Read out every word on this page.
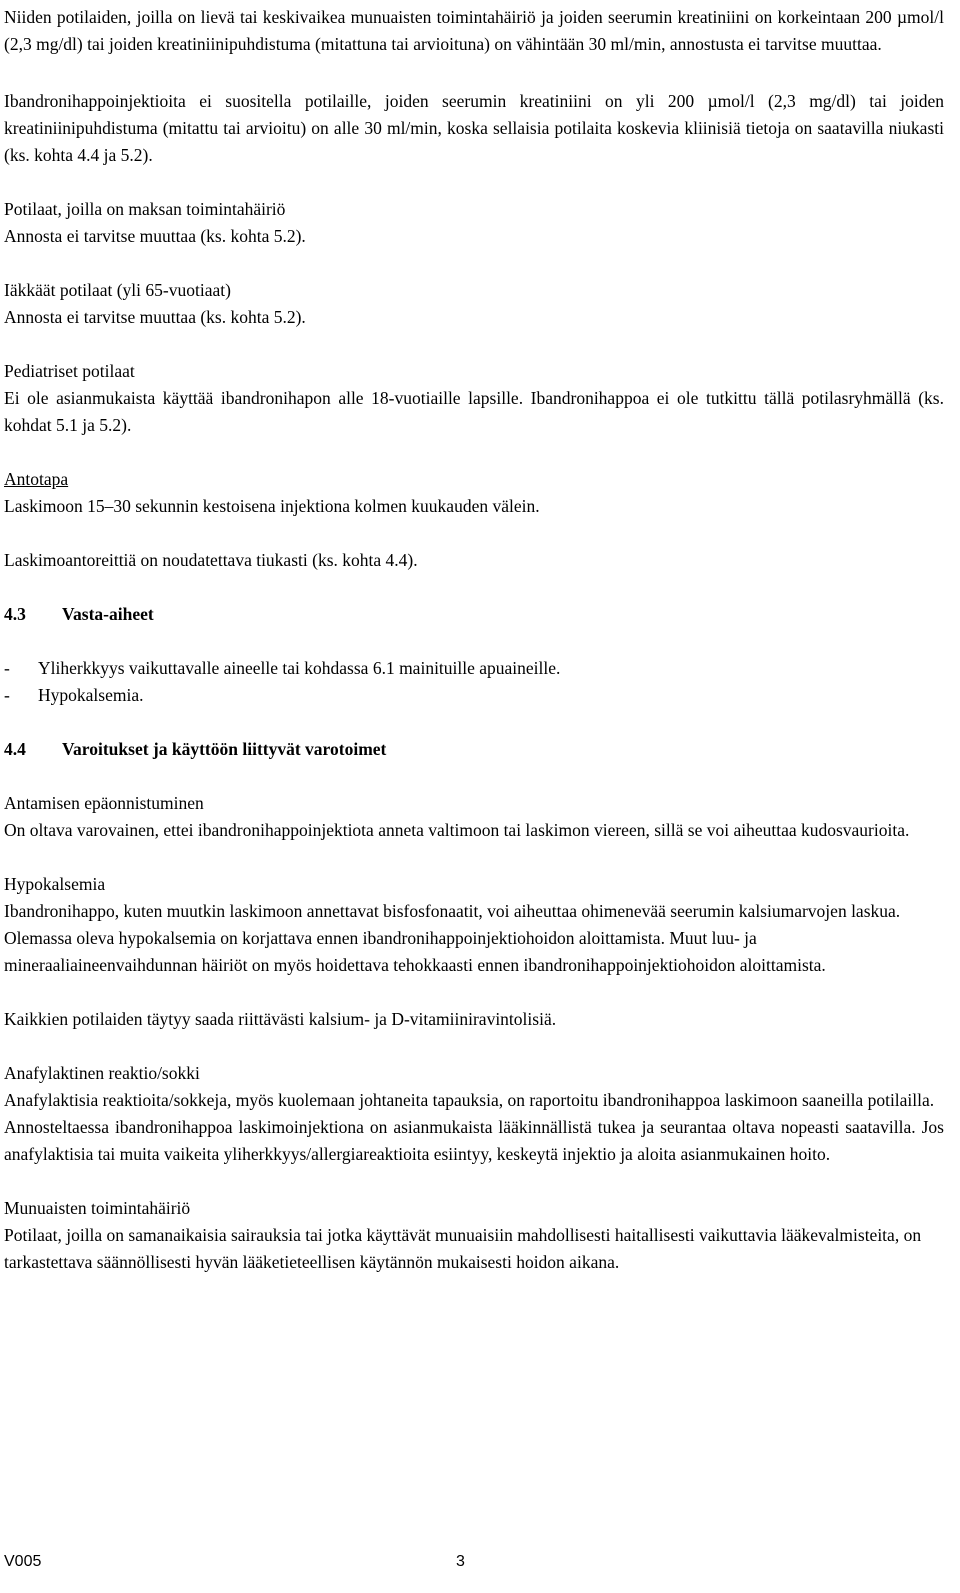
Niiden potilaiden, joilla on lievä tai keskivaikea munuaisten toimintahäiriö ja joiden seerumin kreatiniini on korkeintaan 200 µmol/l (2,3 mg/dl) tai joiden kreatiniinipuhdistuma (mitattuna tai arvioituna) on vähintään 30 ml/min, annostusta ei tarvitse muuttaa.

Ibandronihappoinjektioita ei suositella potilaille, joiden seerumin kreatiniini on yli 200 µmol/l (2,3 mg/dl) tai joiden kreatiniinipuhdistuma (mitattu tai arvioitu) on alle 30 ml/min, koska sellaisia potilaita koskevia kliinisiä tietoja on saatavilla niukasti (ks. kohta 4.4 ja 5.2).

Potilaat, joilla on maksan toimintahäiriö

Annosta ei tarvitse muuttaa (ks. kohta 5.2).

Iäkkäät potilaat (yli 65-vuotiaat)

Annosta ei tarvitse muuttaa (ks. kohta 5.2).

Pediatriset potilaat

Ei ole asianmukaista käyttää ibandronihapon alle 18-vuotiaille lapsille. Ibandronihappoa ei ole tutkittu tällä potilasryhmällä (ks. kohdat 5.1 ja 5.2).

Antotapa

Laskimoon 15–30 sekunnin kestoisena injektiona kolmen kuukauden välein.

Laskimoantoreittiä on noudatettava tiukasti (ks. kohta 4.4).

4.3 Vasta-aiheet

-	Yliherkkyys vaikuttavalle aineelle tai kohdassa 6.1 mainituille apuaineille.
-	Hypokalsemia.

4.4 Varoitukset ja käyttöön liittyvät varotoimet

Antamisen epäonnistuminen

On oltava varovainen, ettei ibandronihappoinjektiota anneta valtimoon tai laskimon viereen, sillä se voi aiheuttaa kudosvaurioita.

Hypokalsemia

Ibandronihappo, kuten muutkin laskimoon annettavat bisfosfonaatit, voi aiheuttaa ohimenevää seerumin kalsiumarvojen laskua.

Olemassa oleva hypokalsemia on korjattava ennen ibandronihappoinjektiohoidon aloittamista. Muut luu- ja mineraaliaineenvaihdunnan häiriöt on myös hoidettava tehokkaasti ennen ibandronihappoinjektiohoidon aloittamista.

Kaikkien potilaiden täytyy saada riittävästi kalsium- ja D-vitamiiniravintolisiä.

Anafylaktinen reaktio/sokki

Anafylaktisia reaktioita/sokkeja, myös kuolemaan johtaneita tapauksia, on raportoitu ibandronihappoa laskimoon saaneilla potilailla.

Annosteltaessa ibandronihappoa laskimoinjektiona on asianmukaista lääkinnällistä tukea ja seurantaa oltava nopeasti saatavilla. Jos anafylaktisia tai muita vaikeita yliherkkyys/allergiareaktioita esiintyy, keskeytä injektio ja aloita asianmukainen hoito.

Munuaisten toimintahäiriö

Potilaat, joilla on samanaikaisia sairauksia tai jotka käyttävät munuaisiin mahdollisesti haitallisesti vaikuttavia lääkevalmisteita, on tarkastettava säännöllisesti hyvän lääketieteellisen käytännön mukaisesti hoidon aikana.

V005	3
